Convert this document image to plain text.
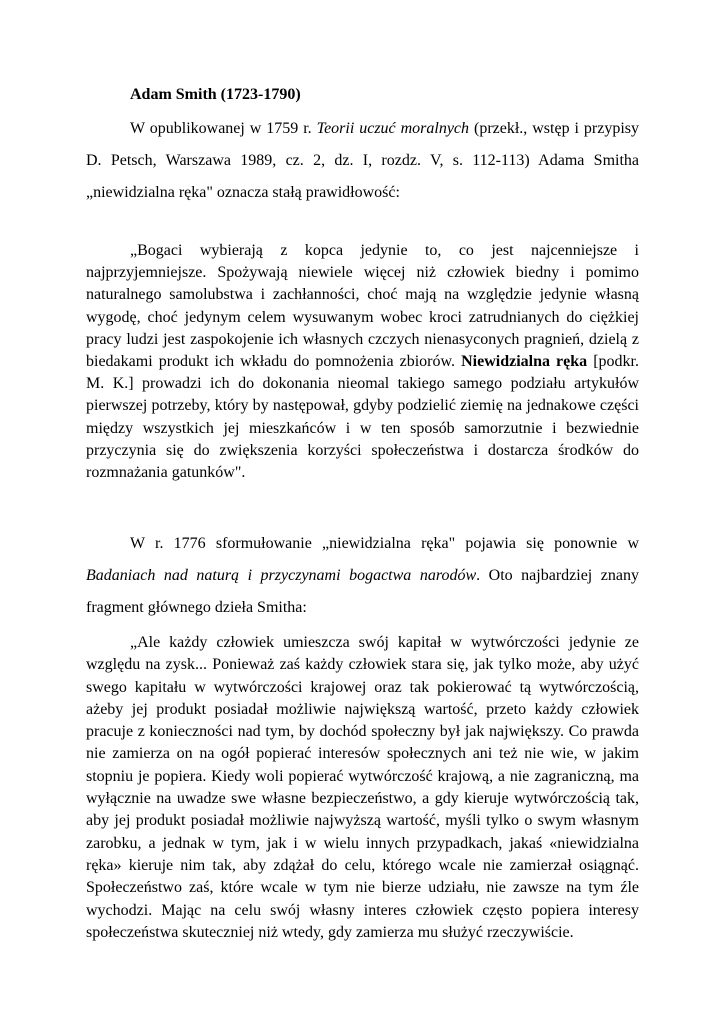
Adam Smith (1723-1790)

W opublikowanej w 1759 r. Teorii uczuć moralnych (przekł., wstęp i przypisy D. Petsch, Warszawa 1989, cz. 2, dz. I, rozdz. V, s. 112-113) Adama Smitha „niewidzialna ręka" oznacza stałą prawidłowość:

„Bogaci wybierają z kopca jedynie to, co jest najcenniejsze i najprzyjemniejsze. Spożywają niewiele więcej niż człowiek biedny i pomimo naturalnego samolubstwa i zachłanności, choć mają na względzie jedynie własną wygodę, choć jedynym celem wysuwanym wobec kroci zatrudnianych do ciężkiej pracy ludzi jest zaspokojenie ich własnych czczych nienasyconych pragnień, dzielą z biedakami produkt ich wkładu do pomnożenia zbiorów. Niewidzialna ręka [podkr. M. K.] prowadzi ich do dokonania nieomal takiego samego podziału artykułów pierwszej potrzeby, który by następował, gdyby podzielić ziemię na jednakowe części między wszystkich jej mieszkańców i w ten sposób samorzutnie i bezwiednie przyczynia się do zwiększenia korzyści społeczeństwa i dostarcza środków do rozmnażania gatunków".

W r. 1776 sformułowanie „niewidzialna ręka" pojawia się ponownie w Badaniach nad naturą i przyczynami bogactwa narodów. Oto najbardziej znany fragment głównego dzieła Smitha:

„Ale każdy człowiek umieszcza swój kapitał w wytwórczości jedynie ze względu na zysk... Ponieważ zaś każdy człowiek stara się, jak tylko może, aby użyć swego kapitału w wytwórczości krajowej oraz tak pokierować tą wytwórczością, ażeby jej produkt posiadał możliwie największą wartość, przeto każdy człowiek pracuje z konieczności nad tym, by dochód społeczny był jak największy. Co prawda nie zamierza on na ogół popierać interesów społecznych ani też nie wie, w jakim stopniu je popiera. Kiedy woli popierać wytwórczość krajową, a nie zagraniczną, ma wyłącznie na uwadze swe własne bezpieczeństwo, a gdy kieruje wytwórczością tak, aby jej produkt posiadał możliwie najwyższą wartość, myśli tylko o swym własnym zarobku, a jednak w tym, jak i w wielu innych przypadkach, jakaś «niewidzialna ręka» kieruje nim tak, aby zdążał do celu, którego wcale nie zamierzał osiągnąć. Społeczeństwo zaś, które wcale w tym nie bierze udziału, nie zawsze na tym źle wychodzi. Mając na celu swój własny interes człowiek często popiera interesy społeczeństwa skuteczniej niż wtedy, gdy zamierza mu służyć rzeczywiście.
